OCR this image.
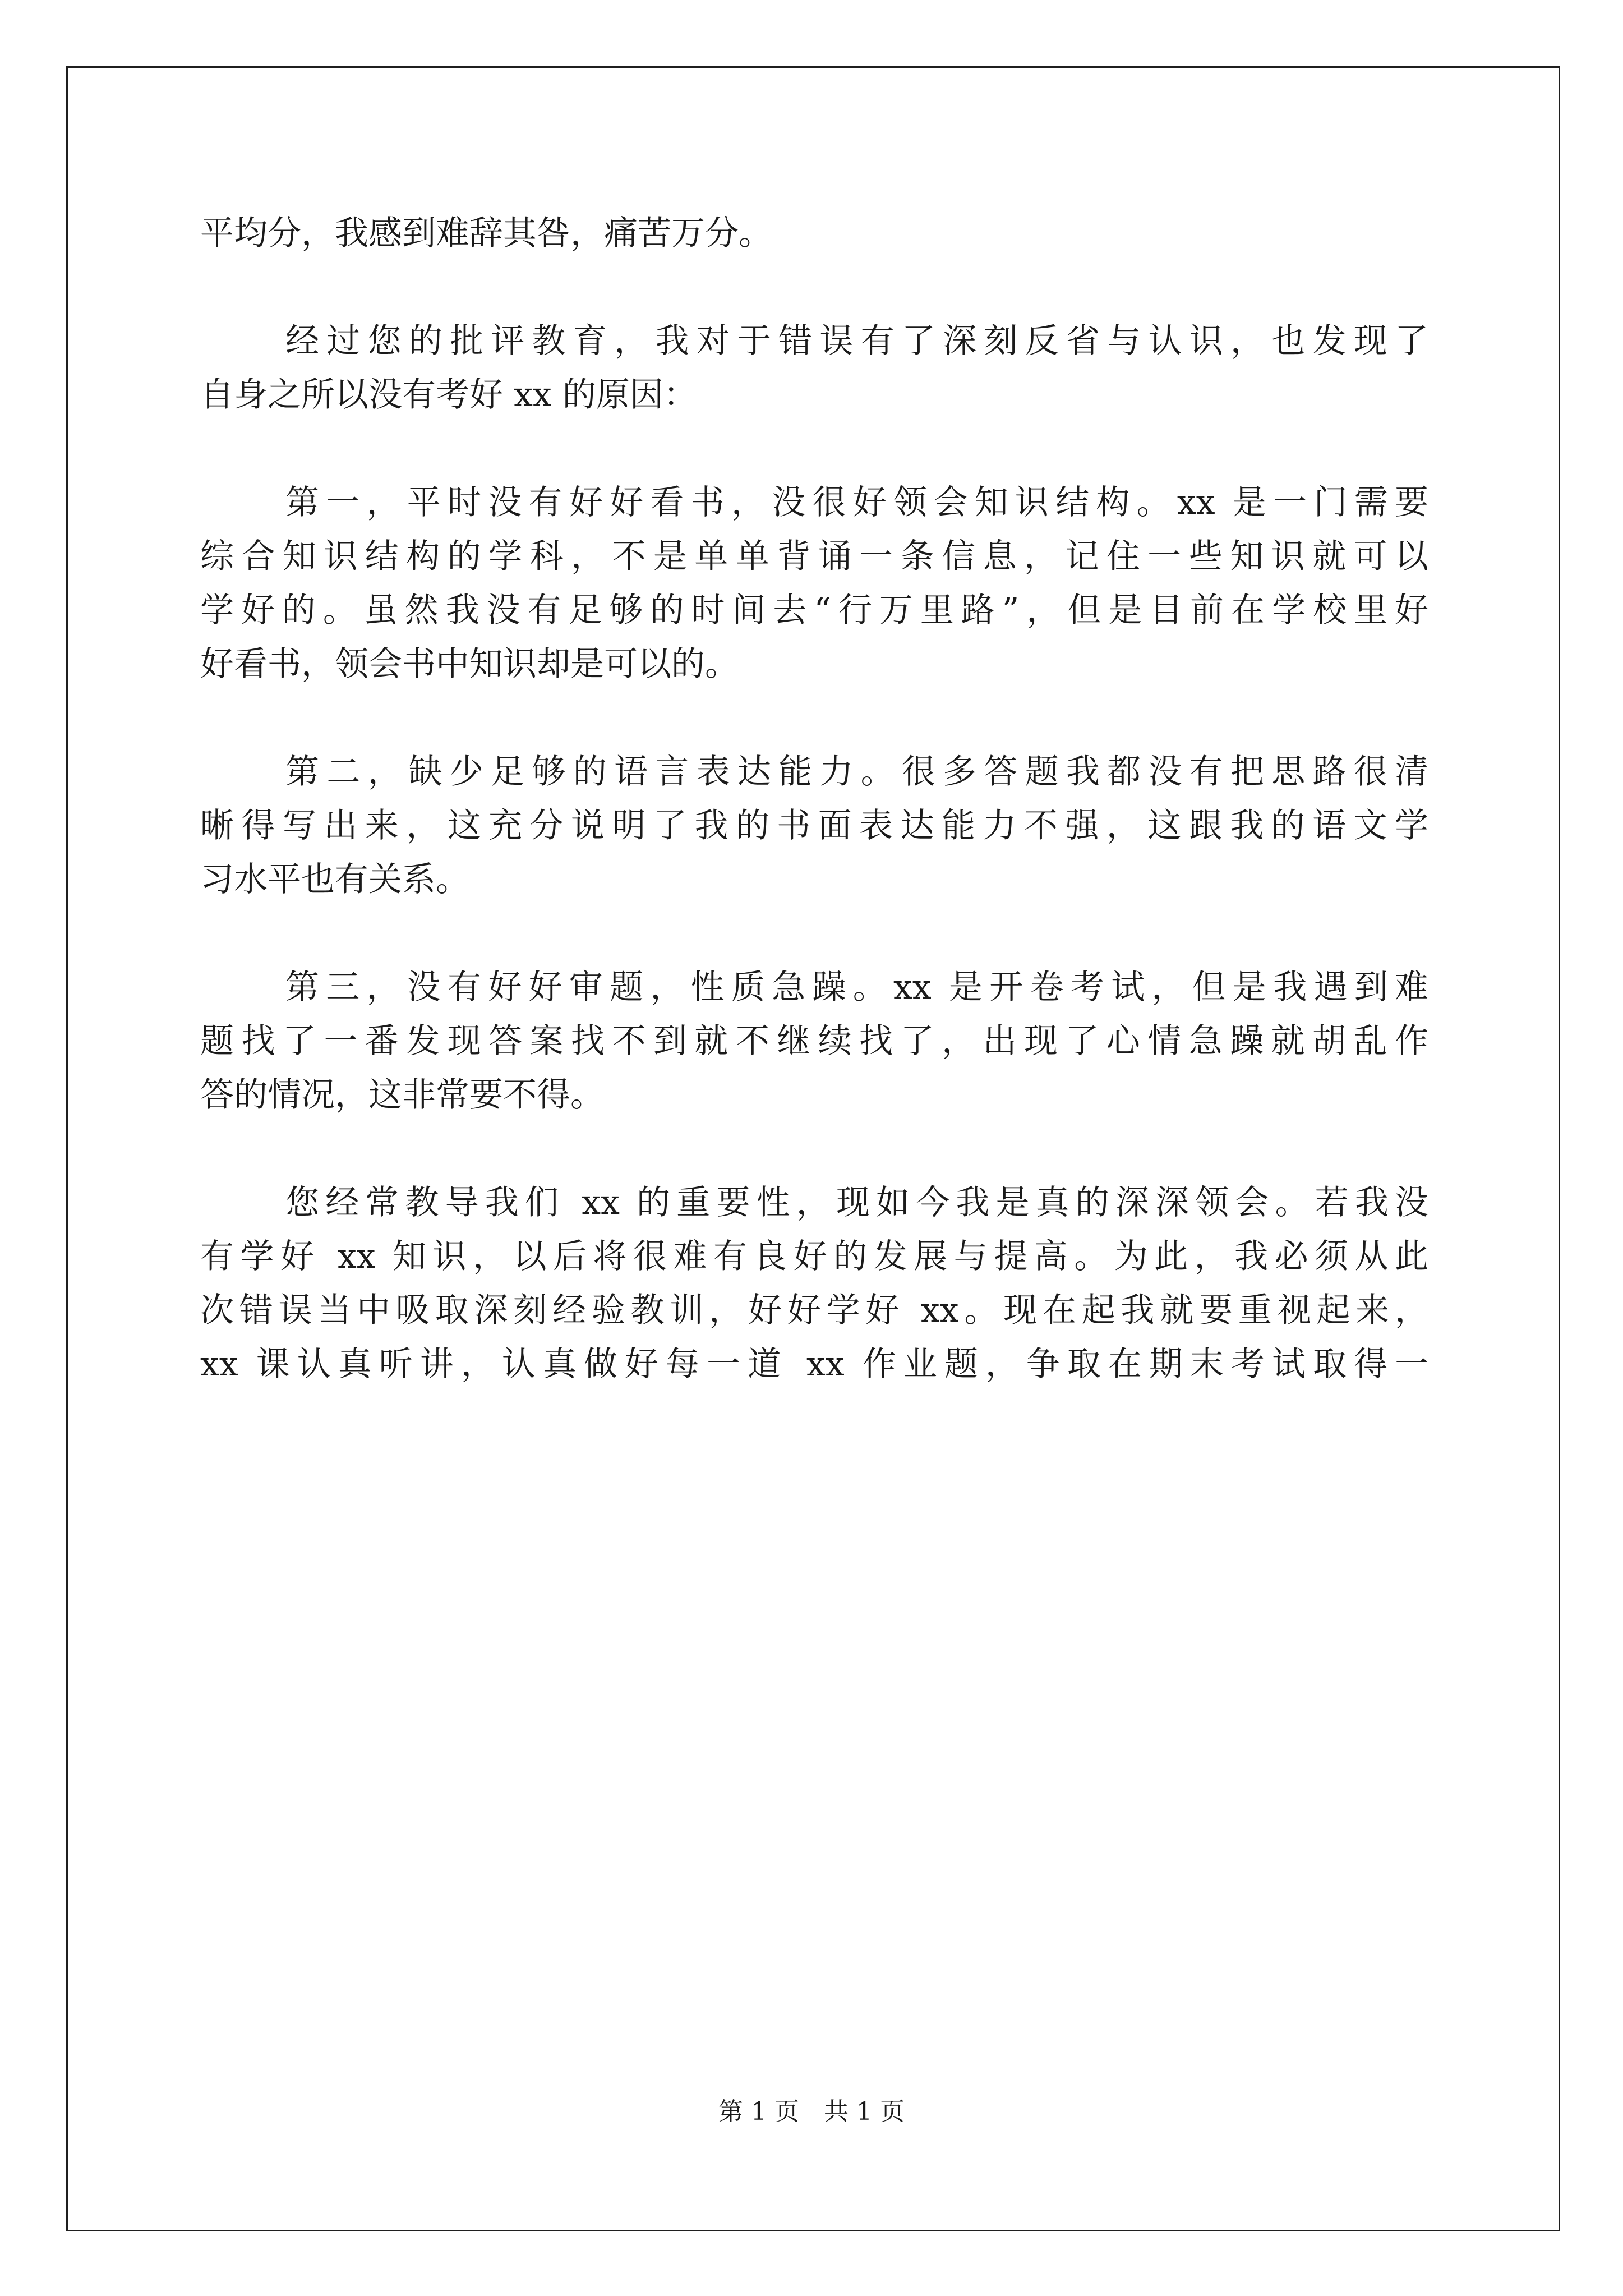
平均分，我感到难辞其咎，痛苦万分。

经过您的批评教育，我对于错误有了深刻反省与认识，也发现了

自身之所以没有考好 xx 的原因：

第一，平时没有好好看书，没很好领会知识结构。xx 是一门需要

综合知识结构的学科，不是单单背诵一条信息，记住一些知识就可以

学好的。虽然我没有足够的时间去“行万里路”，但是目前在学校里好

好看书，领会书中知识却是可以的。

第二，缺少足够的语言表达能力。很多答题我都没有把思路很清

晰得写出来，这充分说明了我的书面表达能力不强，这跟我的语文学

习水平也有关系。

第三，没有好好审题，性质急躁。xx 是开卷考试，但是我遇到难

题找了一番发现答案找不到就不继续找了，出现了心情急躁就胡乱作

答的情况，这非常要不得。

您经常教导我们 xx 的重要性，现如今我是真的深深领会。若我没

有学好 xx 知识，以后将很难有良好的发展与提高。为此，我必须从此

次错误当中吸取深刻经验教训，好好学好 xx。现在起我就要重视起来，

xx 课认真听讲，认真做好每一道 xx 作业题，争取在期末考试取得一

第 1 页　共 1 页
